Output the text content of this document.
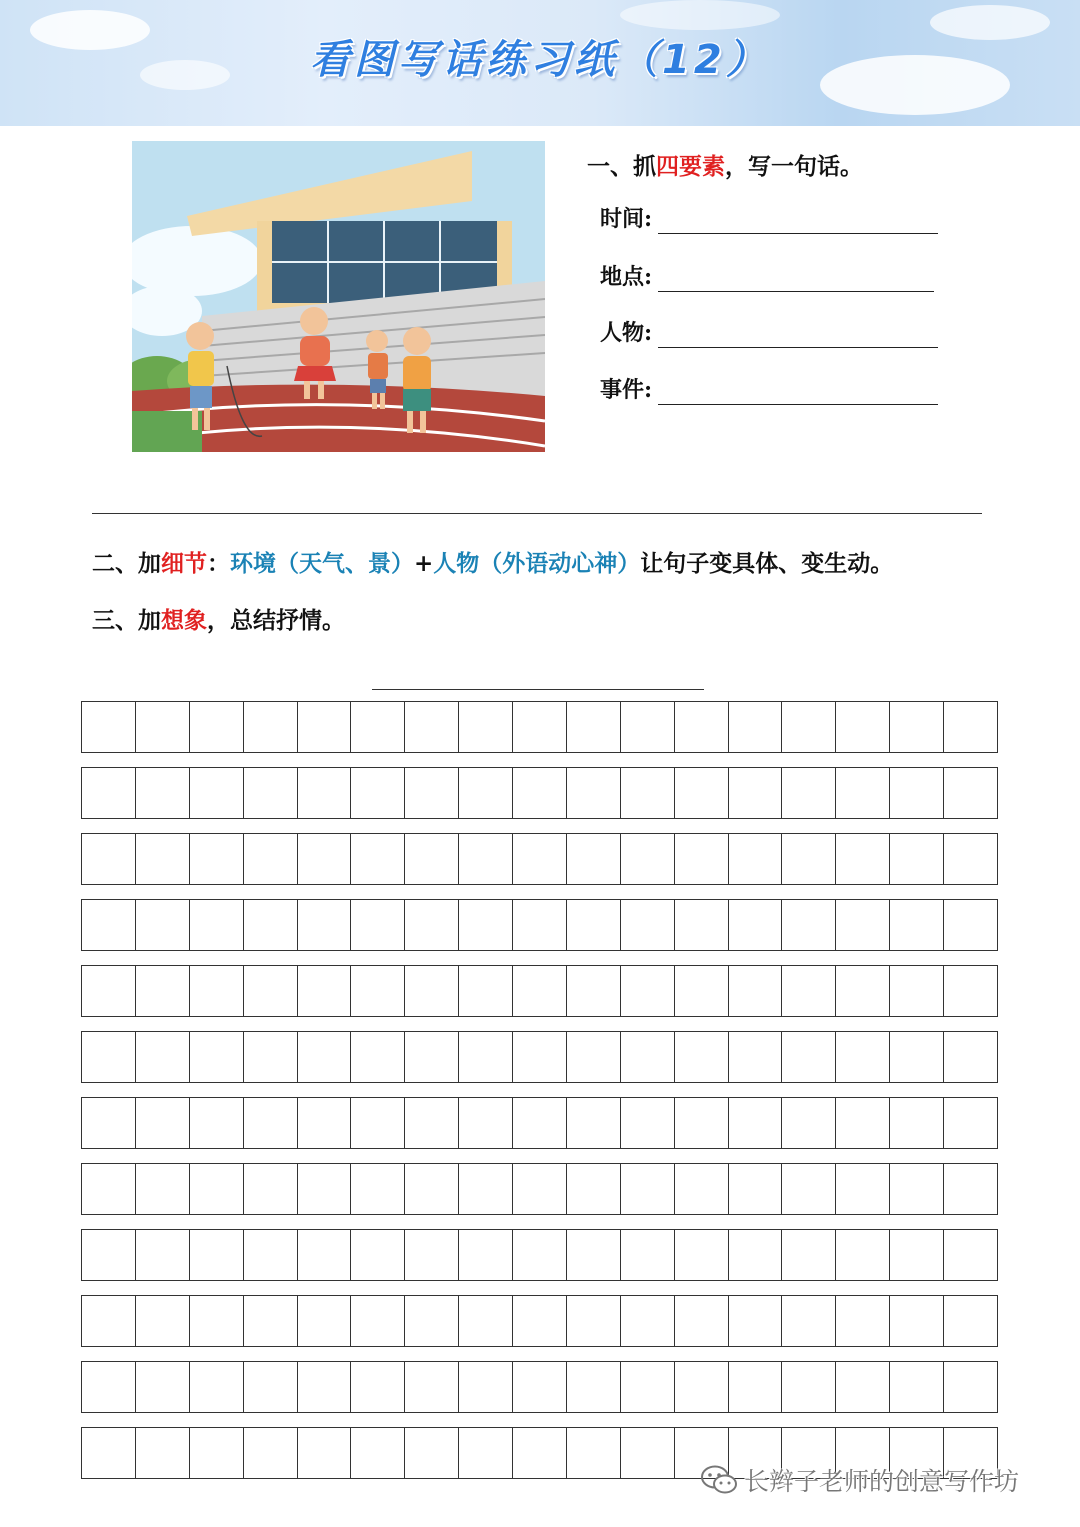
看图写话练习纸（12）
一、抓四要素，写一句话。
时间:
地点:
人物:
事件:
二、加细节：环境（天气、景）+人物（外语动心神）让句子变具体、变生动。
三、加想象，总结抒情。
长辫子老师的创意写作坊
